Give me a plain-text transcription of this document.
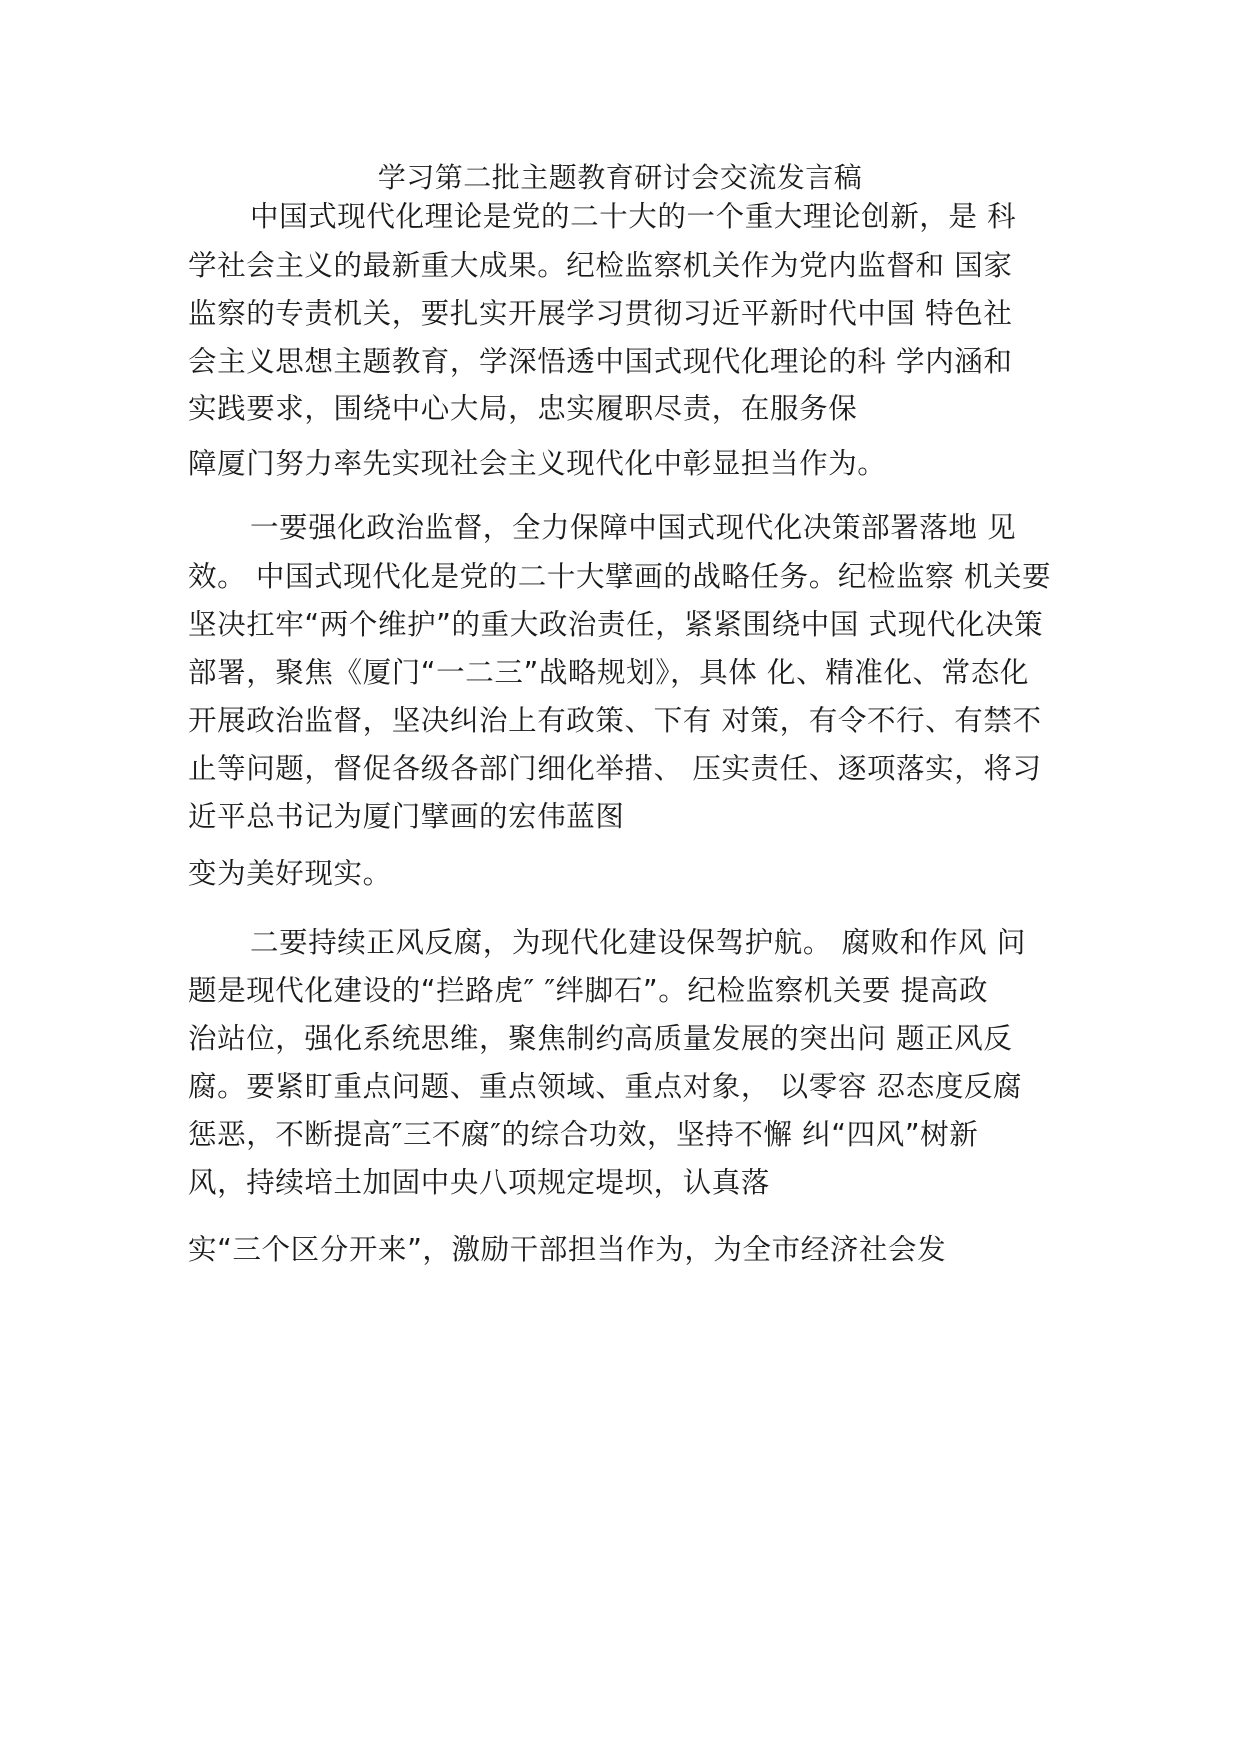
学习第二批主题教育研讨会交流发言稿
中国式现代化理论是党的二十大的一个重大理论创新，是 科
学社会主义的最新重大成果。纪检监察机关作为党内监督和 国家
监察的专责机关，要扎实开展学习贯彻习近平新时代中国 特色社
会主义思想主题教育，学深悟透中国式现代化理论的科 学内涵和
实践要求，围绕中心大局，忠实履职尽责，在服务保
障厦门努力率先实现社会主义现代化中彰显担当作为。
一要强化政治监督，全力保障中国式现代化决策部署落地 见
效。 中国式现代化是党的二十大擘画的战略任务。纪检监察 机关要
坚决扛牢“两个维护”的重大政治责任，紧紧围绕中国 式现代化决策
部署，聚焦《厦门“一二三”战略规划》，具体 化、精准化、常态化
开展政治监督，坚决纠治上有政策、下有 对策，有令不行、有禁不
止等问题，督促各级各部门细化举措、 压实责任、逐项落实，将习
近平总书记为厦门擘画的宏伟蓝图
变为美好现实。
二要持续正风反腐，为现代化建设保驾护航。 腐败和作风 问
题是现代化建设的“拦路虎″ ″绊脚石”。纪检监察机关要 提高政
治站位，强化系统思维，聚焦制约高质量发展的突出问 题正风反
腐。要紧盯重点问题、重点领域、重点对象， 以零容 忍态度反腐
惩恶，不断提高″三不腐″的综合功效，坚持不懈 纠“四风”树新
风，持续培土加固中央八项规定堤坝，认真落
实“三个区分开来”，激励干部担当作为，为全市经济社会发
